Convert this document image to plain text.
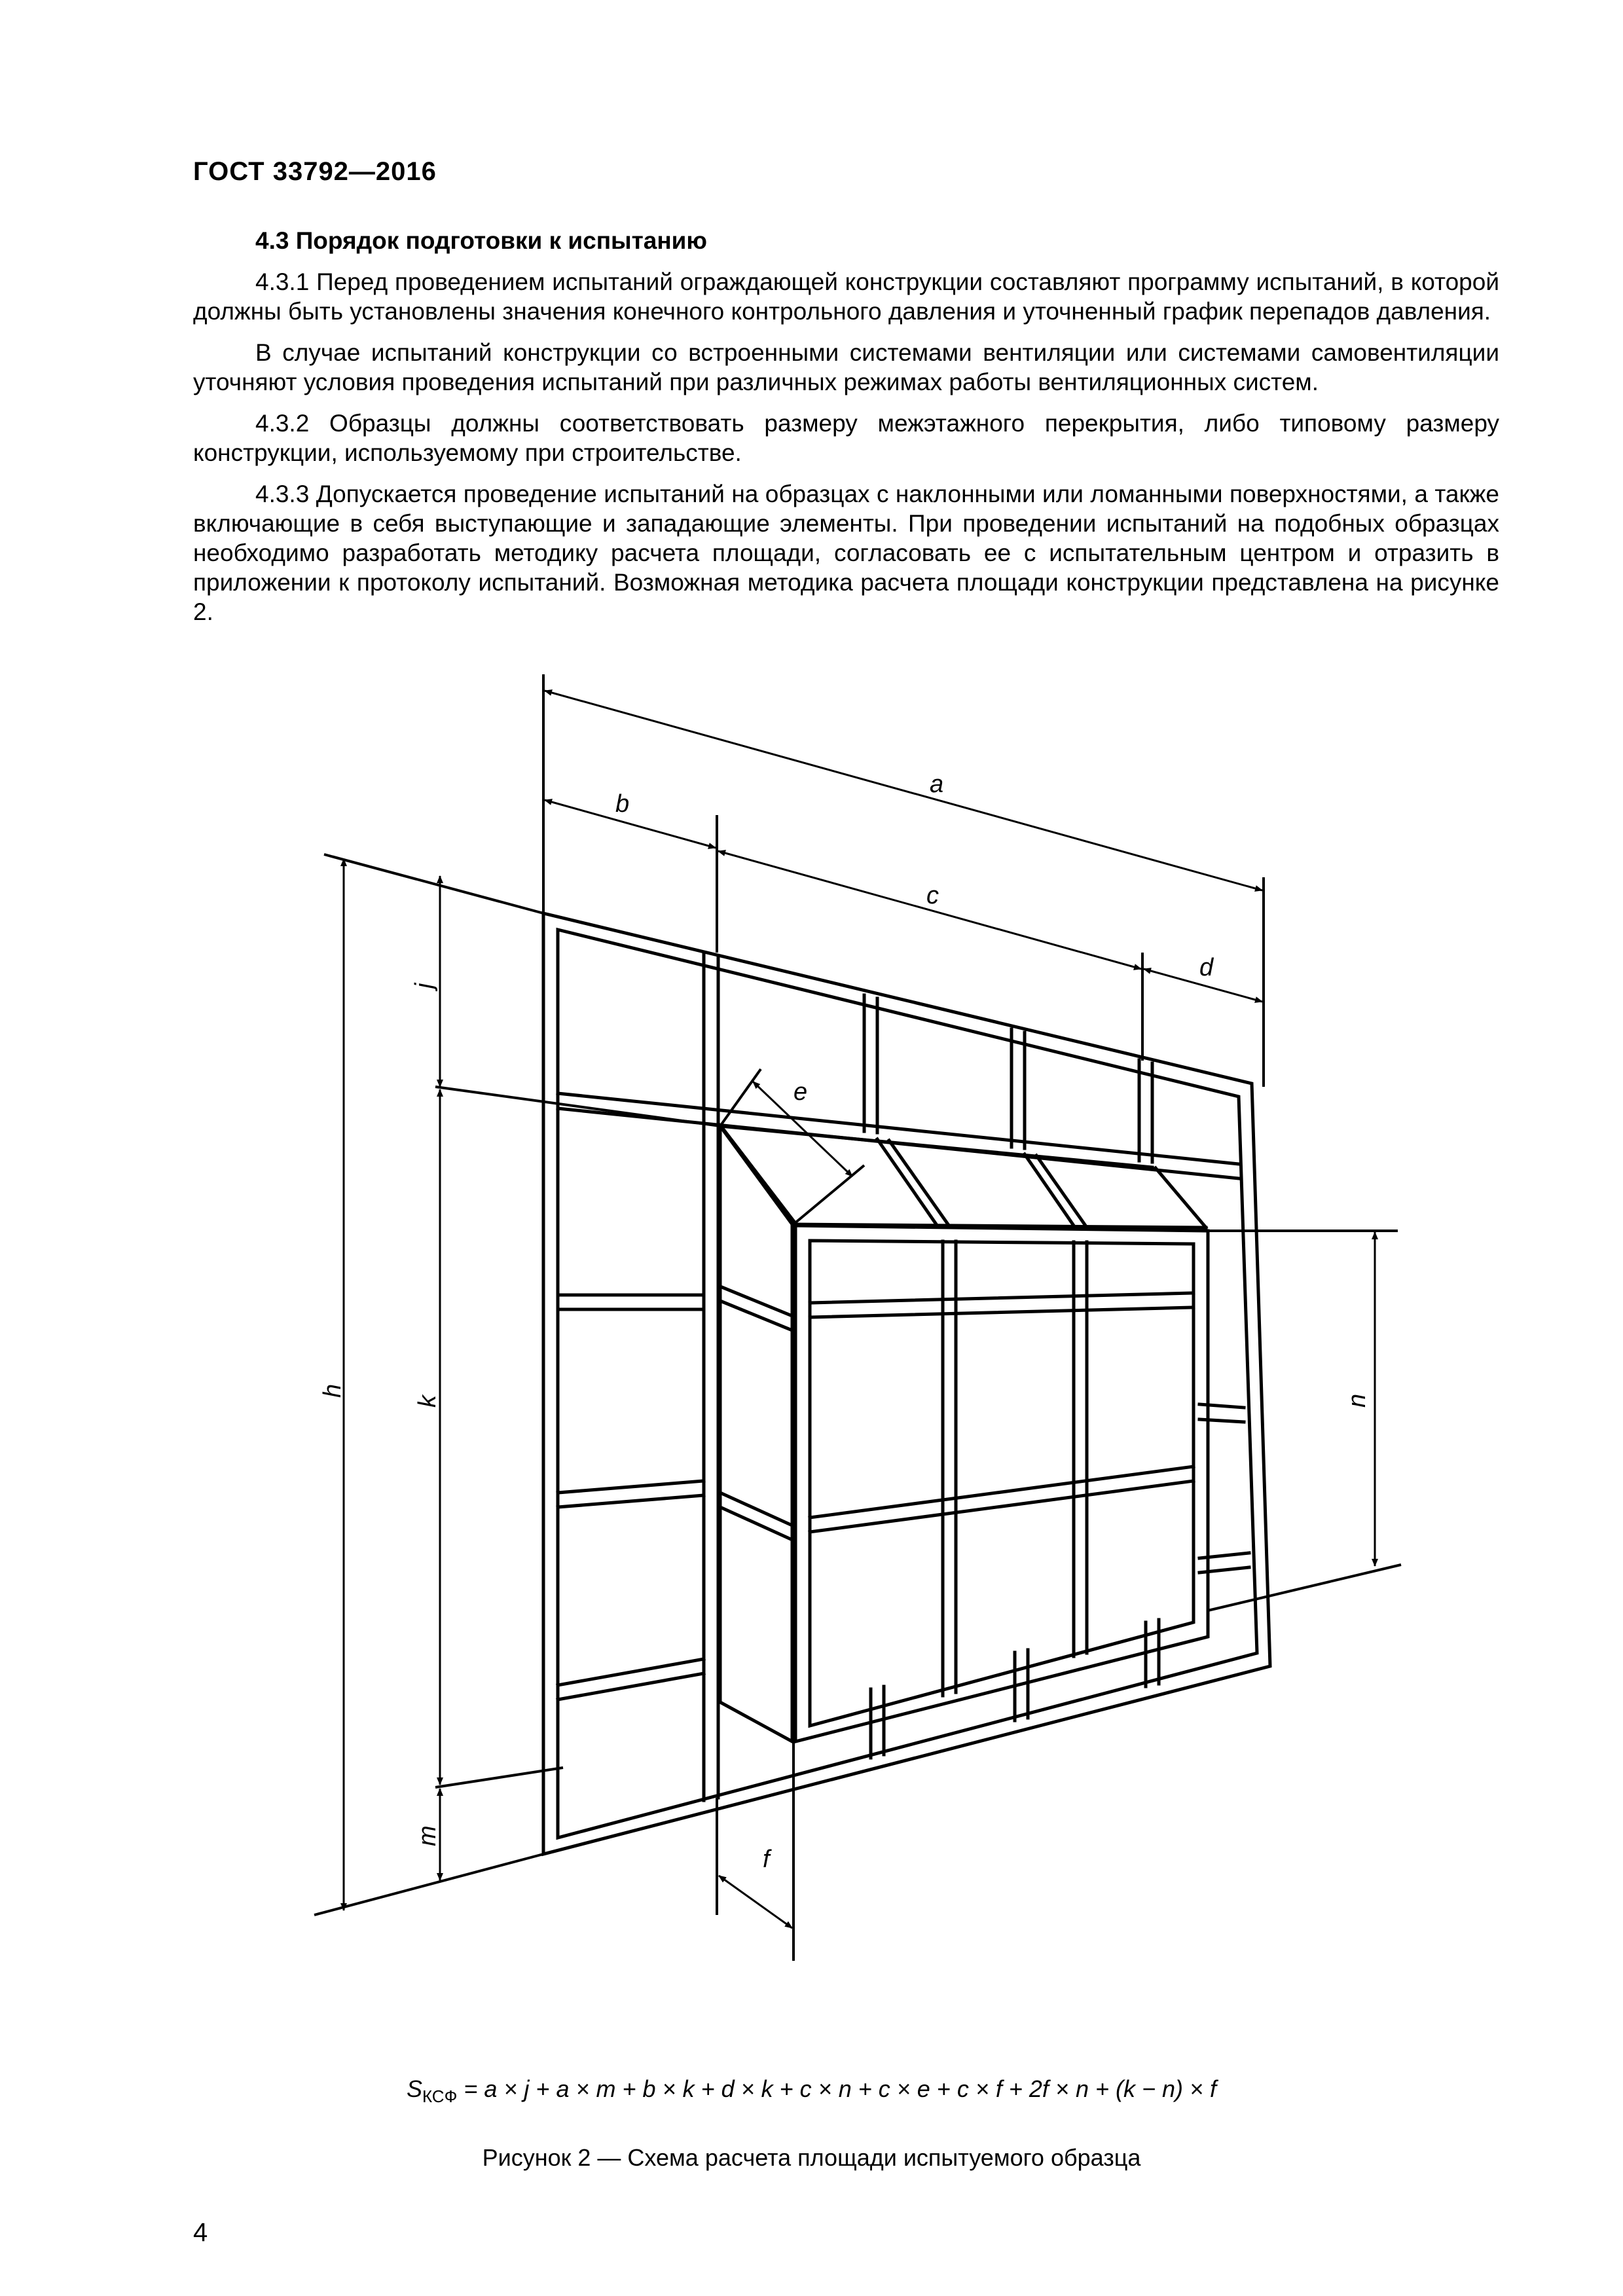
ГОСТ 33792—2016

4.3 Порядок подготовки к испытанию

4.3.1 Перед проведением испытаний ограждающей конструкции составляют программу испытаний, в которой должны быть установлены значения конечного контрольного давления и уточненный график перепадов давления.

В случае испытаний конструкции со встроенными системами вентиляции или системами самовентиляции уточняют условия проведения испытаний при различных режимах работы вентиляционных систем.

4.3.2 Образцы должны соответствовать размеру межэтажного перекрытия, либо типовому размеру конструкции, используемому при строительстве.

4.3.3 Допускается проведение испытаний на образцах с наклонными или ломанными поверхностями, а также включающие в себя выступающие и западающие элементы. При проведении испытаний на подобных образцах необходимо разработать методику расчета площади, согласовать ее с испытательным центром и отразить в приложении к протоколу испытаний. Возможная методика расчета площади конструкции представлена на рисунке 2.

a
b
c
d
e
f
h
j
k
m
n
$S_{КСФ} = a \times j + a \times m + b \times k + d \times k + c \times n + c \times e + c \times f + 2f \times n + (k - n) \times f$
Рисунок 2 — Схема расчета площади испытуемого образца
4
